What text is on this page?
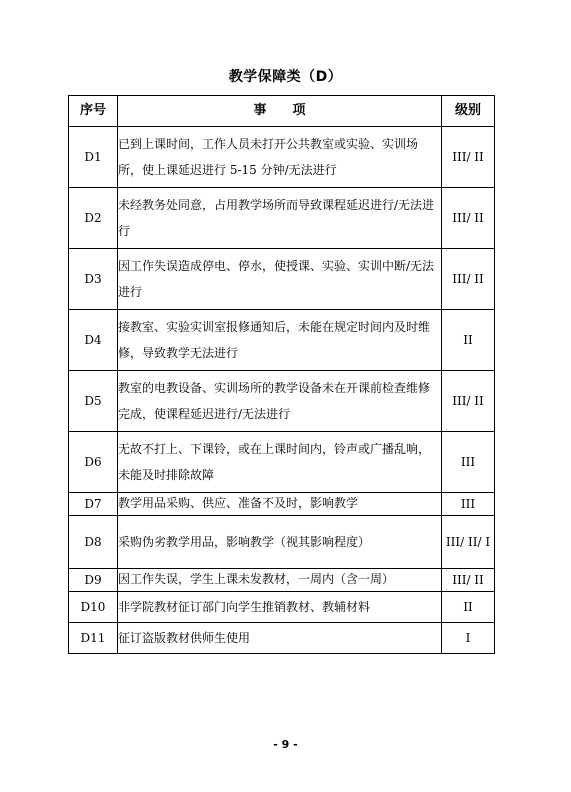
教学保障类（D）
序号	事　　项	级别
D1	已到上课时间，工作人员未打开公共教室或实验、实训场所，使上课延迟进行 5-15 分钟/无法进行	III/ II
D2	未经教务处同意，占用教学场所而导致课程延迟进行/无法进行	III/ II
D3	因工作失误造成停电、停水，使授课、实验、实训中断/无法进行	III/ II
D4	接教室、实验实训室报修通知后，未能在规定时间内及时维修，导致教学无法进行	II
D5	教室的电教设备、实训场所的教学设备未在开课前检查维修完成，使课程延迟进行/无法进行	III/ II
D6	无故不打上、下课铃，或在上课时间内，铃声或广播乱响，未能及时排除故障	III
D7	教学用品采购、供应、准备不及时，影响教学	III
D8	采购伪劣教学用品，影响教学（视其影响程度）	III/ II/ I
D9	因工作失误，学生上课未发教材，一周内（含一周）	III/ II
D10	非学院教材征订部门向学生推销教材、教辅材料	II
D11	征订盗版教材供师生使用	I
- 9 -
